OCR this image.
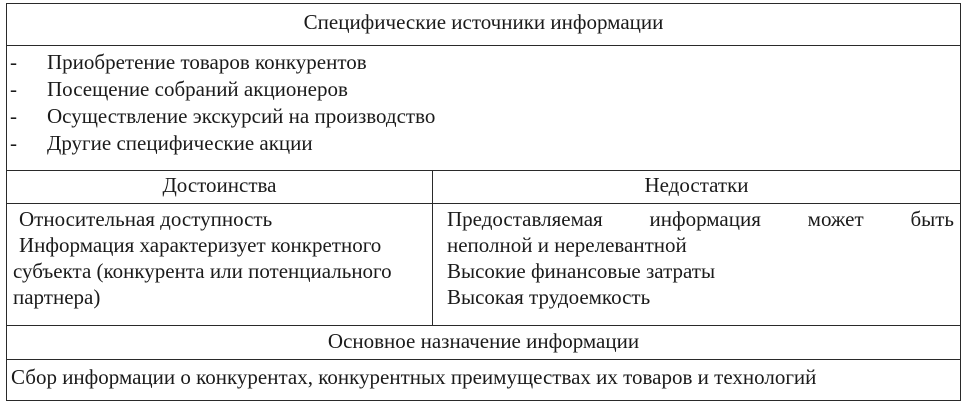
Специфические источники информации
- Приобретение товаров конкурентов
- Посещение собраний акционеров
- Осуществление экскурсий на производство
- Другие специфические акции
Достоинства	Недостатки

Относительная доступность

Информация характеризует конкретного

субъекта (конкурента или потенциального

партнера)

Предоставляемая информация может быть

неполной и нерелевантной

Высокие финансовые затраты

Высокая трудоемкость

Основное назначение информации
Сбор информации о конкурентах, конкурентных преимуществах их товаров и технологий
